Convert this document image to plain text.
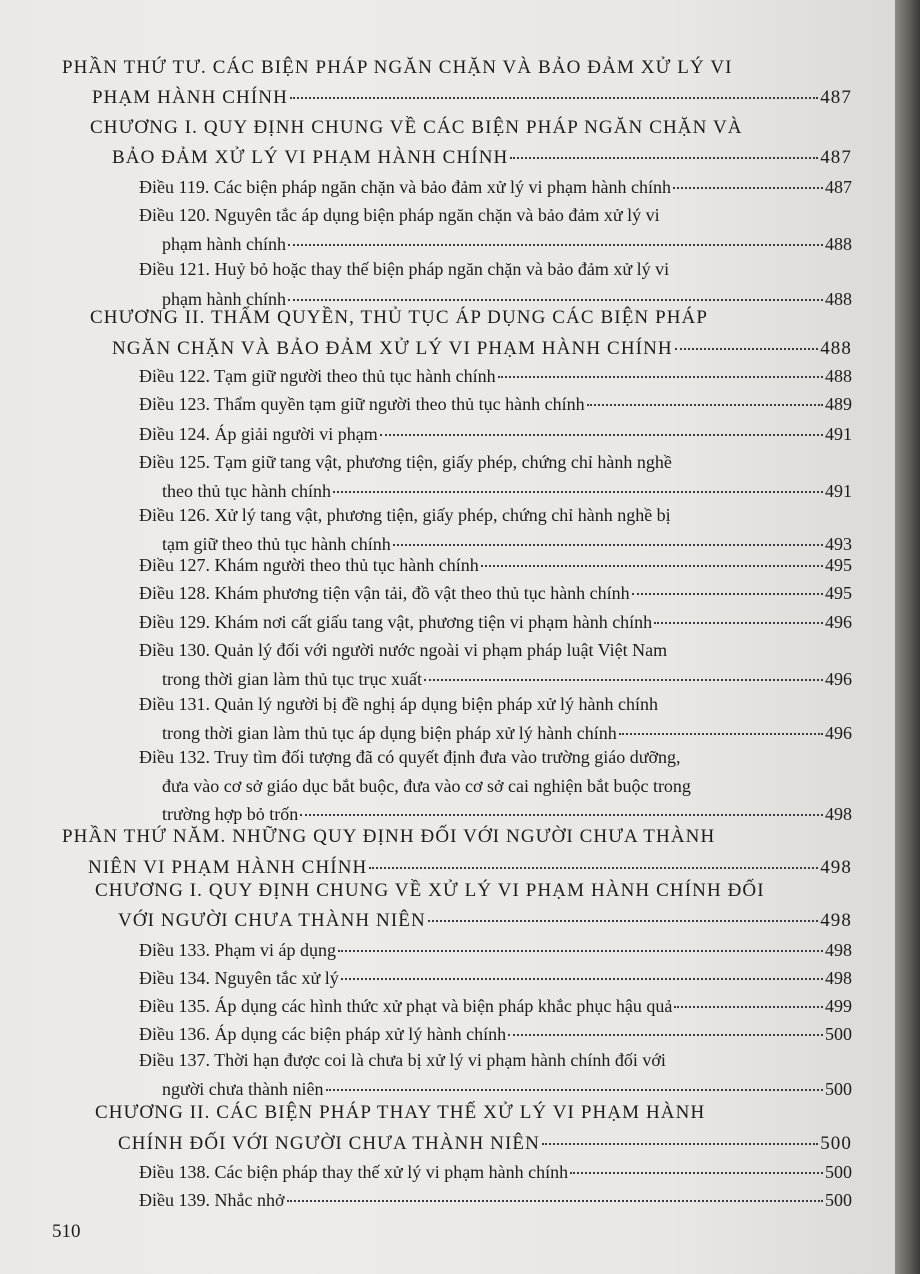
PHẦN THỨ TƯ. CÁC BIỆN PHÁP NGĂN CHẶN VÀ BẢO ĐẢM XỬ LÝ VI
PHẠM HÀNH CHÍNH	487
CHƯƠNG I. QUY ĐỊNH CHUNG VỀ CÁC BIỆN PHÁP NGĂN CHẶN VÀ
BẢO ĐẢM XỬ LÝ VI PHẠM HÀNH CHÍNH	487
Điều 119. Các biện pháp ngăn chặn và bảo đảm xử lý vi phạm hành chính	487
Điều 120. Nguyên tắc áp dụng biện pháp ngăn chặn và bảo đảm xử lý vi
phạm hành chính	488
Điều 121. Huỷ bỏ hoặc thay thế biện pháp ngăn chặn và bảo đảm xử lý vi
phạm hành chính	488
CHƯƠNG II. THẨM QUYỀN, THỦ TỤC ÁP DỤNG CÁC BIỆN PHÁP
NGĂN CHẶN VÀ BẢO ĐẢM XỬ LÝ VI PHẠM HÀNH CHÍNH	488
Điều 122. Tạm giữ người theo thủ tục hành chính	488
Điều 123. Thẩm quyền tạm giữ người theo thủ tục hành chính	489
Điều 124. Áp giải người vi phạm	491
Điều 125. Tạm giữ tang vật, phương tiện, giấy phép, chứng chỉ hành nghề
theo thủ tục hành chính	491
Điều 126. Xử lý tang vật, phương tiện, giấy phép, chứng chỉ hành nghề bị
tạm giữ theo thủ tục hành chính	493
Điều 127. Khám người theo thủ tục hành chính	495
Điều 128. Khám phương tiện vận tải, đồ vật theo thủ tục hành chính	495
Điều 129. Khám nơi cất giấu tang vật, phương tiện vi phạm hành chính	496
Điều 130. Quản lý đối với người nước ngoài vi phạm pháp luật Việt Nam
trong thời gian làm thủ tục trục xuất	496
Điều 131. Quản lý người bị đề nghị áp dụng biện pháp xử lý hành chính
trong thời gian làm thủ tục áp dụng biện pháp xử lý hành chính	496
Điều 132. Truy tìm đối tượng đã có quyết định đưa vào trường giáo dưỡng,
đưa vào cơ sở giáo dục bắt buộc, đưa vào cơ sở cai nghiện bắt buộc trong
trường hợp bỏ trốn	498
PHẦN THỨ NĂM. NHỮNG QUY ĐỊNH ĐỐI VỚI NGƯỜI CHƯA THÀNH
NIÊN VI PHẠM HÀNH CHÍNH	498
CHƯƠNG I. QUY ĐỊNH CHUNG VỀ XỬ LÝ VI PHẠM HÀNH CHÍNH ĐỐI
VỚI NGƯỜI CHƯA THÀNH NIÊN	498
Điều 133. Phạm vi áp dụng	498
Điều 134. Nguyên tắc xử lý	498
Điều 135. Áp dụng các hình thức xử phạt và biện pháp khắc phục hậu quả	499
Điều 136. Áp dụng các biện pháp xử lý hành chính	500
Điều 137. Thời hạn được coi là chưa bị xử lý vi phạm hành chính đối với
người chưa thành niên	500
CHƯƠNG II. CÁC BIỆN PHÁP THAY THẾ XỬ LÝ VI PHẠM HÀNH
CHÍNH ĐỐI VỚI NGƯỜI CHƯA THÀNH NIÊN	500
Điều 138. Các biện pháp thay thế xử lý vi phạm hành chính	500
Điều 139. Nhắc nhở	500
510
